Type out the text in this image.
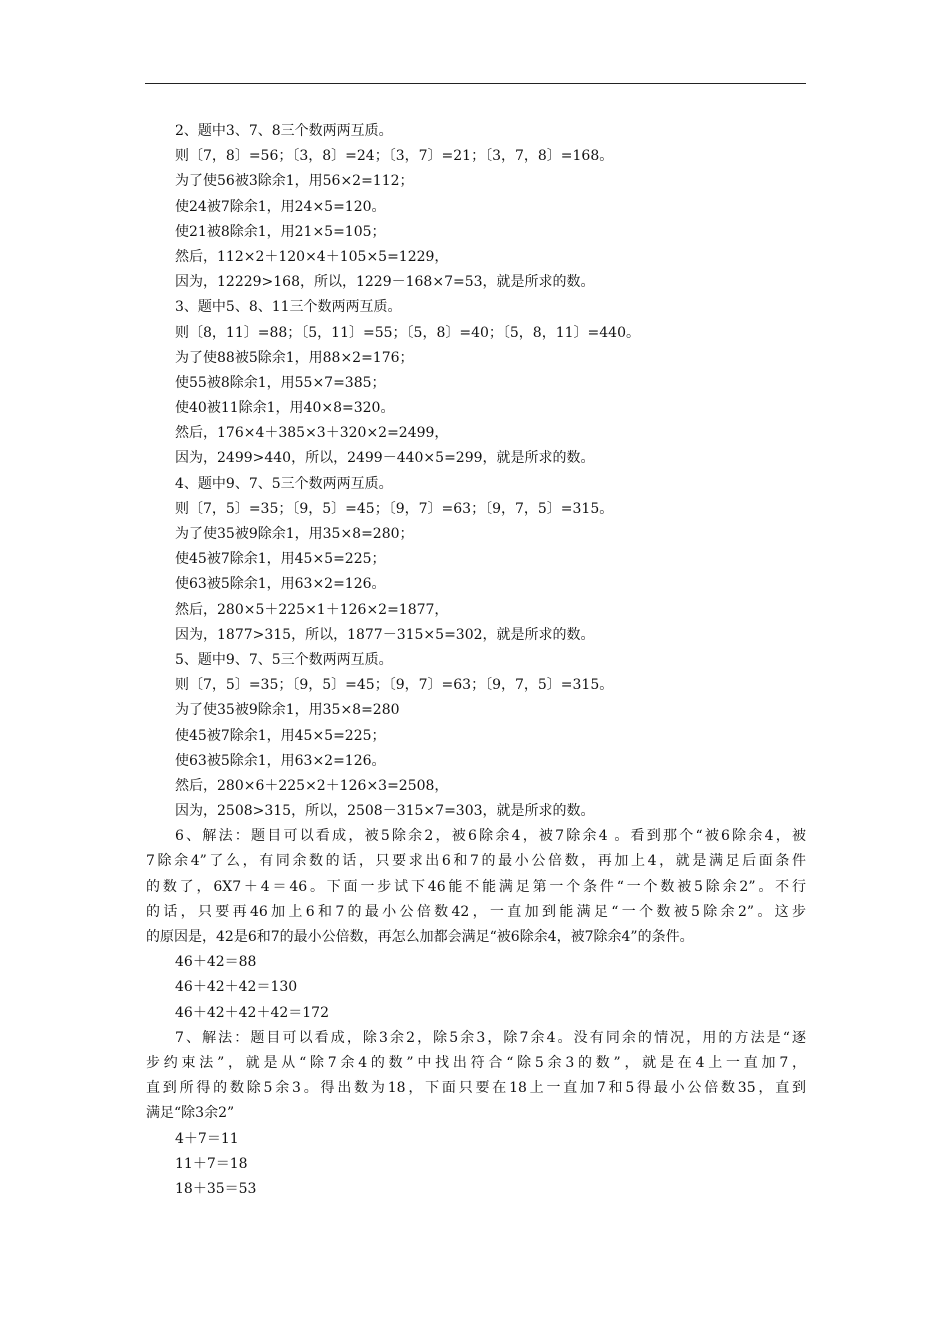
2、题中3、7、8三个数两两互质。
则〔7，8〕=56；〔3，8〕=24；〔3，7〕=21；〔3，7，8〕=168。
为了使56被3除余1，用56×2=112；
使24被7除余1，用24×5=120。
使21被8除余1，用21×5=105；
然后，112×2＋120×4＋105×5=1229，
因为，12229>168，所以，1229－168×7=53，就是所求的数。
3、题中5、8、11三个数两两互质。
则〔8，11〕=88；〔5，11〕=55；〔5，8〕=40；〔5，8，11〕=440。
为了使88被5除余1，用88×2=176；
使55被8除余1，用55×7=385；
使40被11除余1，用40×8=320。
然后，176×4＋385×3＋320×2=2499，
因为，2499>440，所以，2499－440×5=299，就是所求的数。
4、题中9、7、5三个数两两互质。
则〔7，5〕=35；〔9，5〕=45；〔9，7〕=63；〔9，7，5〕=315。
为了使35被9除余1，用35×8=280；
使45被7除余1，用45×5=225；
使63被5除余1，用63×2=126。
然后，280×5＋225×1＋126×2=1877，
因为，1877>315，所以，1877－315×5=302，就是所求的数。
5、题中9、7、5三个数两两互质。
则〔7，5〕=35；〔9，5〕=45；〔9，7〕=63；〔9，7，5〕=315。
为了使35被9除余1，用35×8=280
使45被7除余1，用45×5=225；
使63被5除余1，用63×2=126。
然后，280×6＋225×2＋126×3=2508，
因为，2508>315，所以，2508－315×7=303，就是所求的数。
6、解法：题目可以看成，被5除余2，被6除余4，被7除余4 。看到那个“被6除余4，被
7除余4”了么，有同余数的话，只要求出6和7的最小公倍数，再加上4，就是满足后面条件
的数了，6X7＋4＝46。下面一步试下46能不能满足第一个条件“一个数被5除余2”。不行
的话，只要再46加上6和7的最小公倍数42，一直加到能满足“一个数被5除余2”。这步
的原因是，42是6和7的最小公倍数，再怎么加都会满足“被6除余4，被7除余4”的条件。
46＋42＝88
46＋42＋42＝130
46＋42＋42＋42＝172
7、解法：题目可以看成，除3余2，除5余3，除7余4。没有同余的情况，用的方法是“逐
步约束法”，就是从“除7余4的数”中找出符合“除5余3的数”，就是在4上一直加7，
直到所得的数除5余3。得出数为18，下面只要在18上一直加7和5得最小公倍数35，直到
满足“除3余2”
4＋7＝11
11＋7＝18
18＋35＝53
